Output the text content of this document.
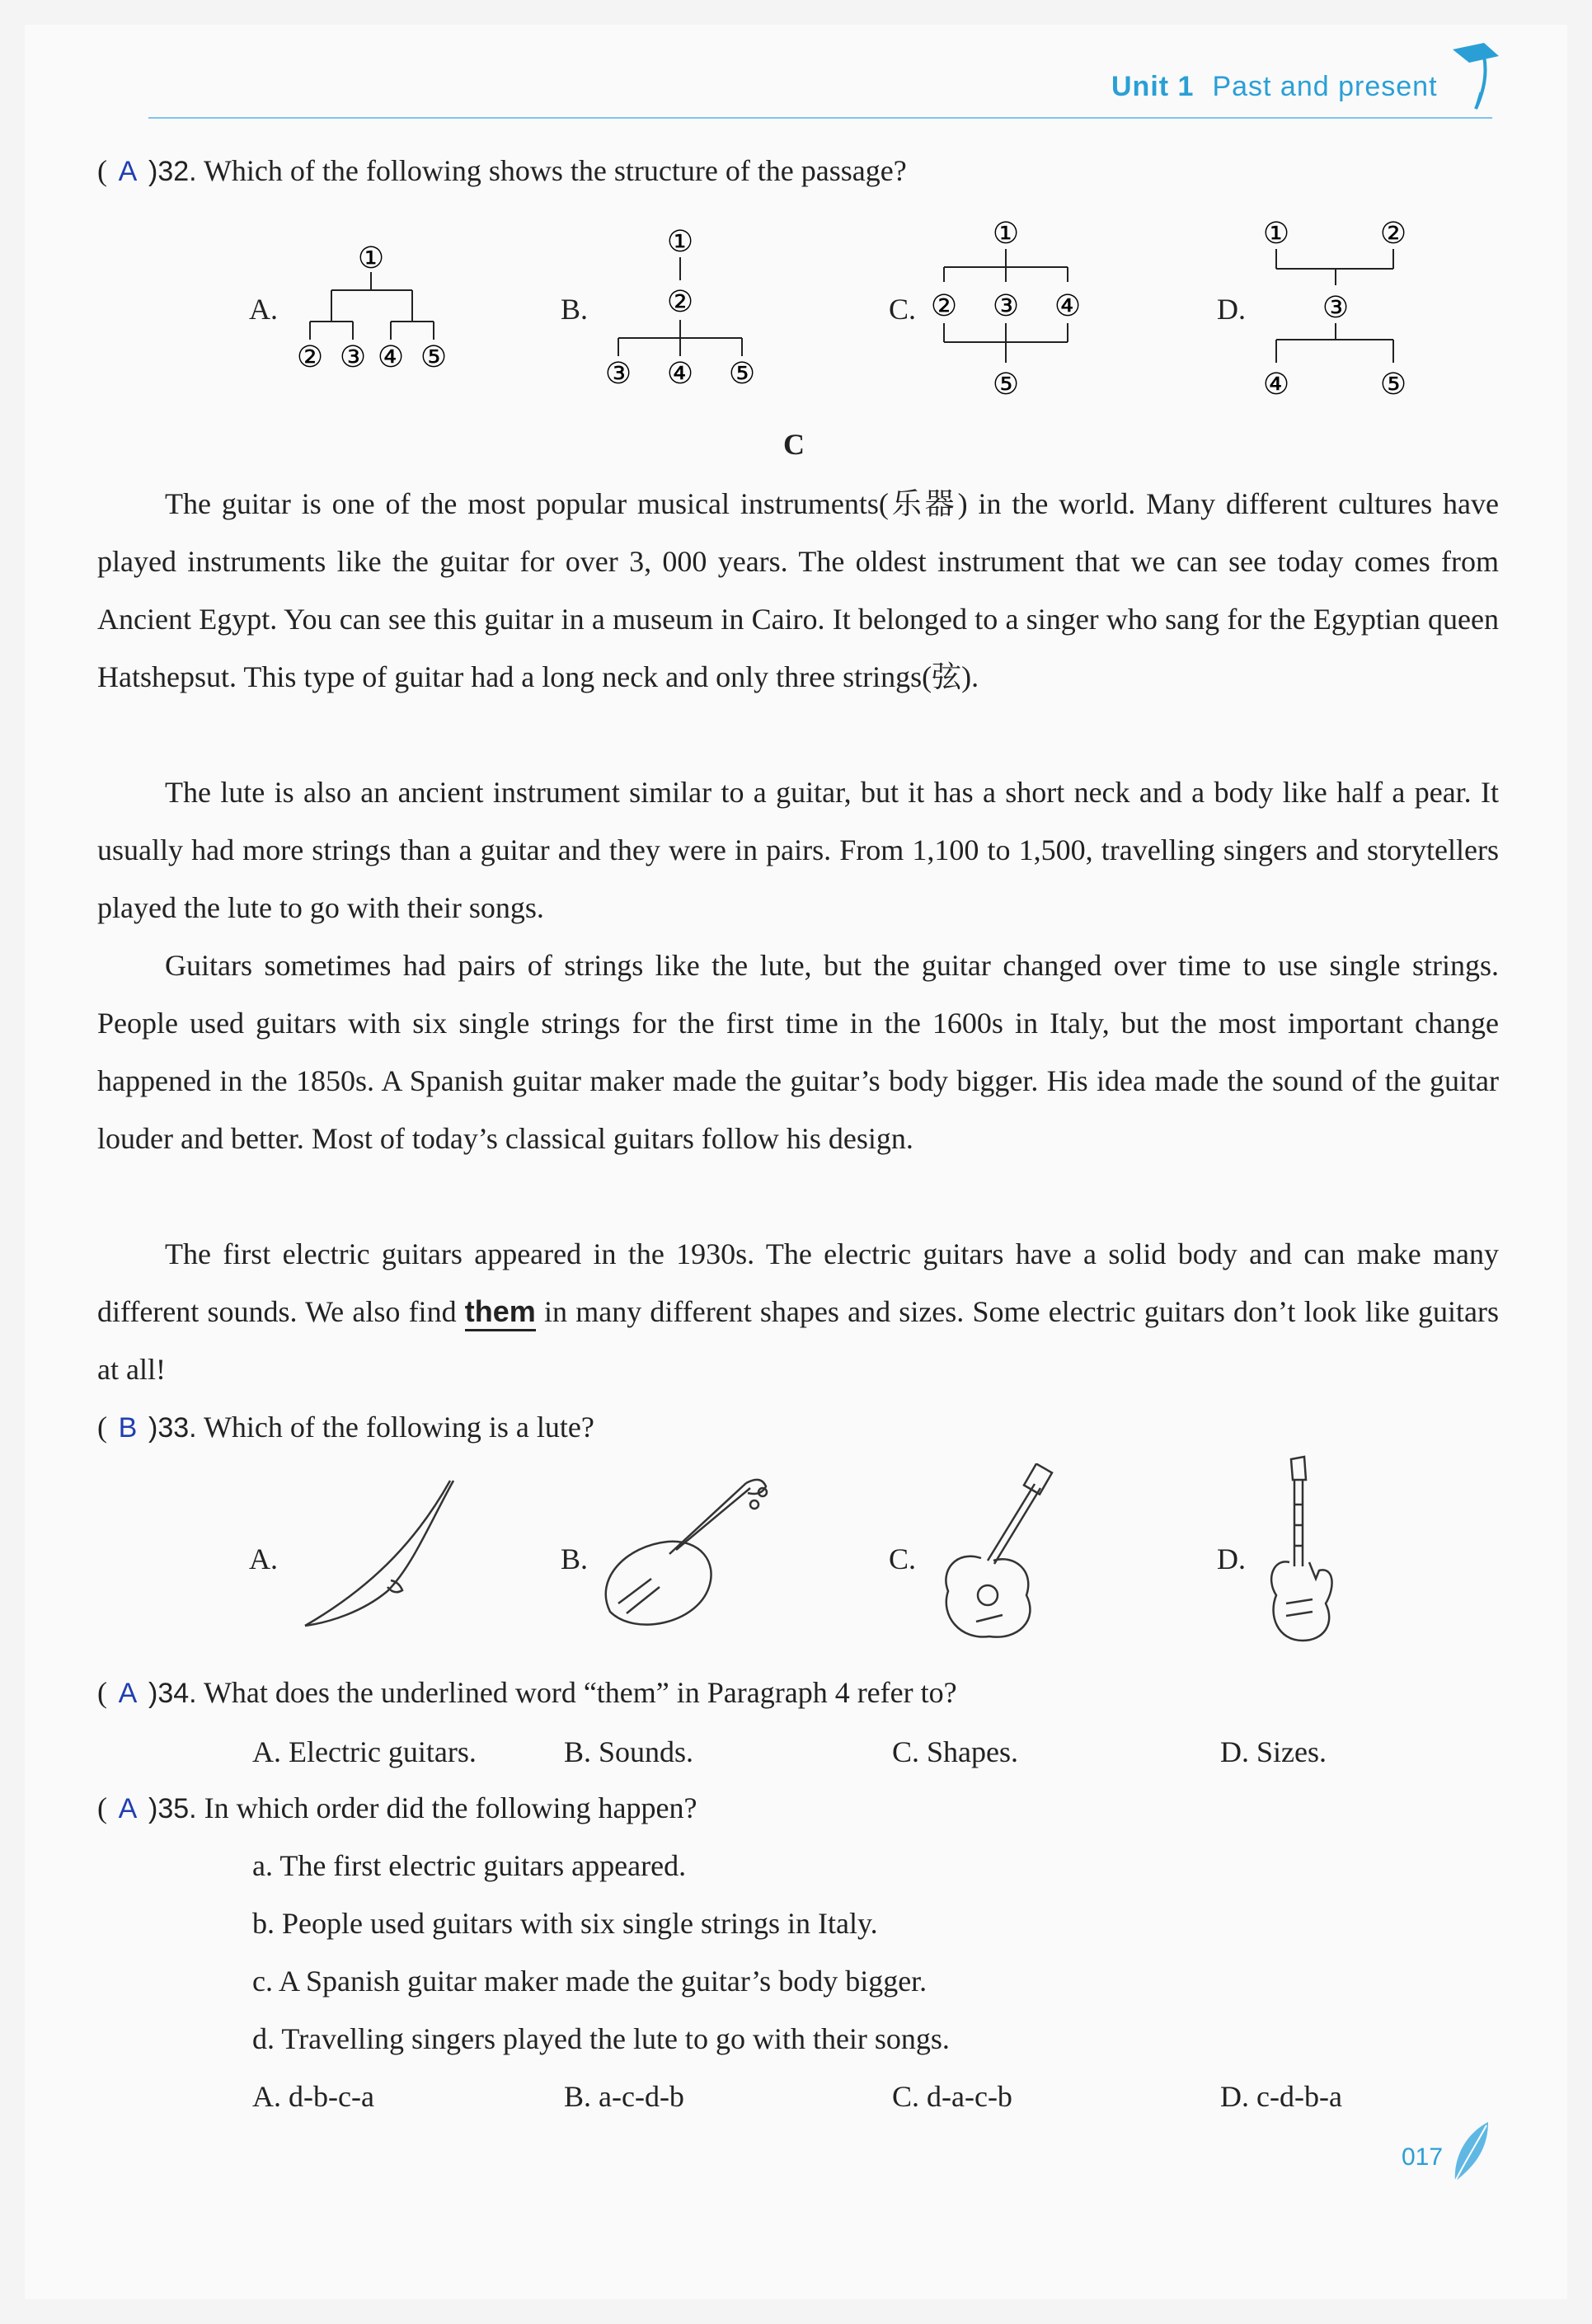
Unit 1 Past and present
( A )32. Which of the following shows the structure of the passage?
A.	B.	C.	D.
①
② ③ ④ ⑤
①
②
③ ④ ⑤
①
② ③ ④
⑤
①	②
③
④	⑤
C
The guitar is one of the most popular musical instruments(乐器) in the world. Many different cultures have played instruments like the guitar for over 3, 000 years. The oldest instrument that we can see today comes from Ancient Egypt. You can see this guitar in a museum in Cairo. It belonged to a singer who sang for the Egyptian queen Hatshepsut. This type of guitar had a long neck and only three strings(弦).
The lute is also an ancient instrument similar to a guitar, but it has a short neck and a body like half a pear. It usually had more strings than a guitar and they were in pairs. From 1,100 to 1,500, travelling singers and storytellers played the lute to go with their songs.
Guitars sometimes had pairs of strings like the lute, but the guitar changed over time to use single strings. People used guitars with six single strings for the first time in the 1600s in Italy, but the most important change happened in the 1850s. A Spanish guitar maker made the guitar’s body bigger. His idea made the sound of the guitar louder and better. Most of today’s classical guitars follow his design.
The first electric guitars appeared in the 1930s. The electric guitars have a solid body and can make many different sounds. We also find them in many different shapes and sizes. Some electric guitars don’t look like guitars at all!
( B )33. Which of the following is a lute?
A.	B.	C.	D.
( A )34. What does the underlined word “them” in Paragraph 4 refer to?
A. Electric guitars.	B. Sounds.	C. Shapes.	D. Sizes.
( A )35. In which order did the following happen?
a. The first electric guitars appeared.
b. People used guitars with six single strings in Italy.
c. A Spanish guitar maker made the guitar’s body bigger.
d. Travelling singers played the lute to go with their songs.
A. d-b-c-a	B. a-c-d-b	C. d-a-c-b	D. c-d-b-a
017
